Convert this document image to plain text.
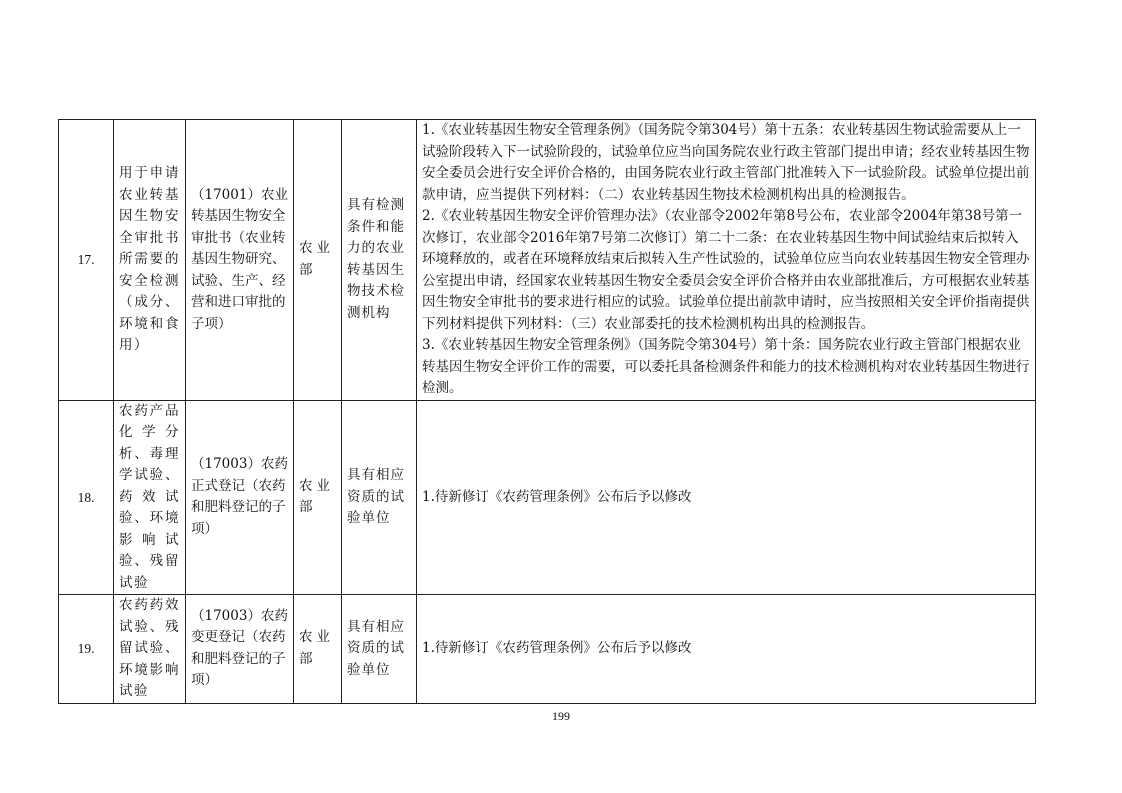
17.	用于申请农业转基因生物安全审批书所需要的安全检测（成分、环境和食用）	（17001）农业转基因生物安全审批书（农业转基因生物研究、试验、生产、经营和进口审批的子项）	农业部	具有检测条件和能力的农业转基因生物技术检测机构	1.《农业转基因生物安全管理条例》（国务院令第304号）第十五条：农业转基因生物试验需要从上一试验阶段转入下一试验阶段的，试验单位应当向国务院农业行政主管部门提出申请；经农业转基因生物安全委员会进行安全评价合格的，由国务院农业行政主管部门批准转入下一试验阶段。试验单位提出前款申请，应当提供下列材料：（二）农业转基因生物技术检测机构出具的检测报告。
2.《农业转基因生物安全评价管理办法》（农业部令2002年第8号公布，农业部令2004年第38号第一次修订，农业部令2016年第7号第二次修订）第二十二条：在农业转基因生物中间试验结束后拟转入环境释放的，或者在环境释放结束后拟转入生产性试验的，试验单位应当向农业转基因生物安全管理办公室提出申请，经国家农业转基因生物安全委员会安全评价合格并由农业部批准后，方可根据农业转基因生物安全审批书的要求进行相应的试验。试验单位提出前款申请时，应当按照相关安全评价指南提供下列材料提供下列材料：（三）农业部委托的技术检测机构出具的检测报告。
3.《农业转基因生物安全管理条例》（国务院令第304号）第十条：国务院农业行政主管部门根据农业转基因生物安全评价工作的需要，可以委托具备检测条件和能力的技术检测机构对农业转基因生物进行检测。

18.	农药产品化学分析、毒理学试验、药效试验、环境影响试验、残留试验	（17003）农药正式登记（农药和肥料登记的子项）	农业部	具有相应资质的试验单位	1.待新修订《农药管理条例》公布后予以修改

19.	农药药效试验、残留试验、环境影响试验	（17003）农药变更登记（农药和肥料登记的子项）	农业部	具有相应资质的试验单位	1.待新修订《农药管理条例》公布后予以修改
199
